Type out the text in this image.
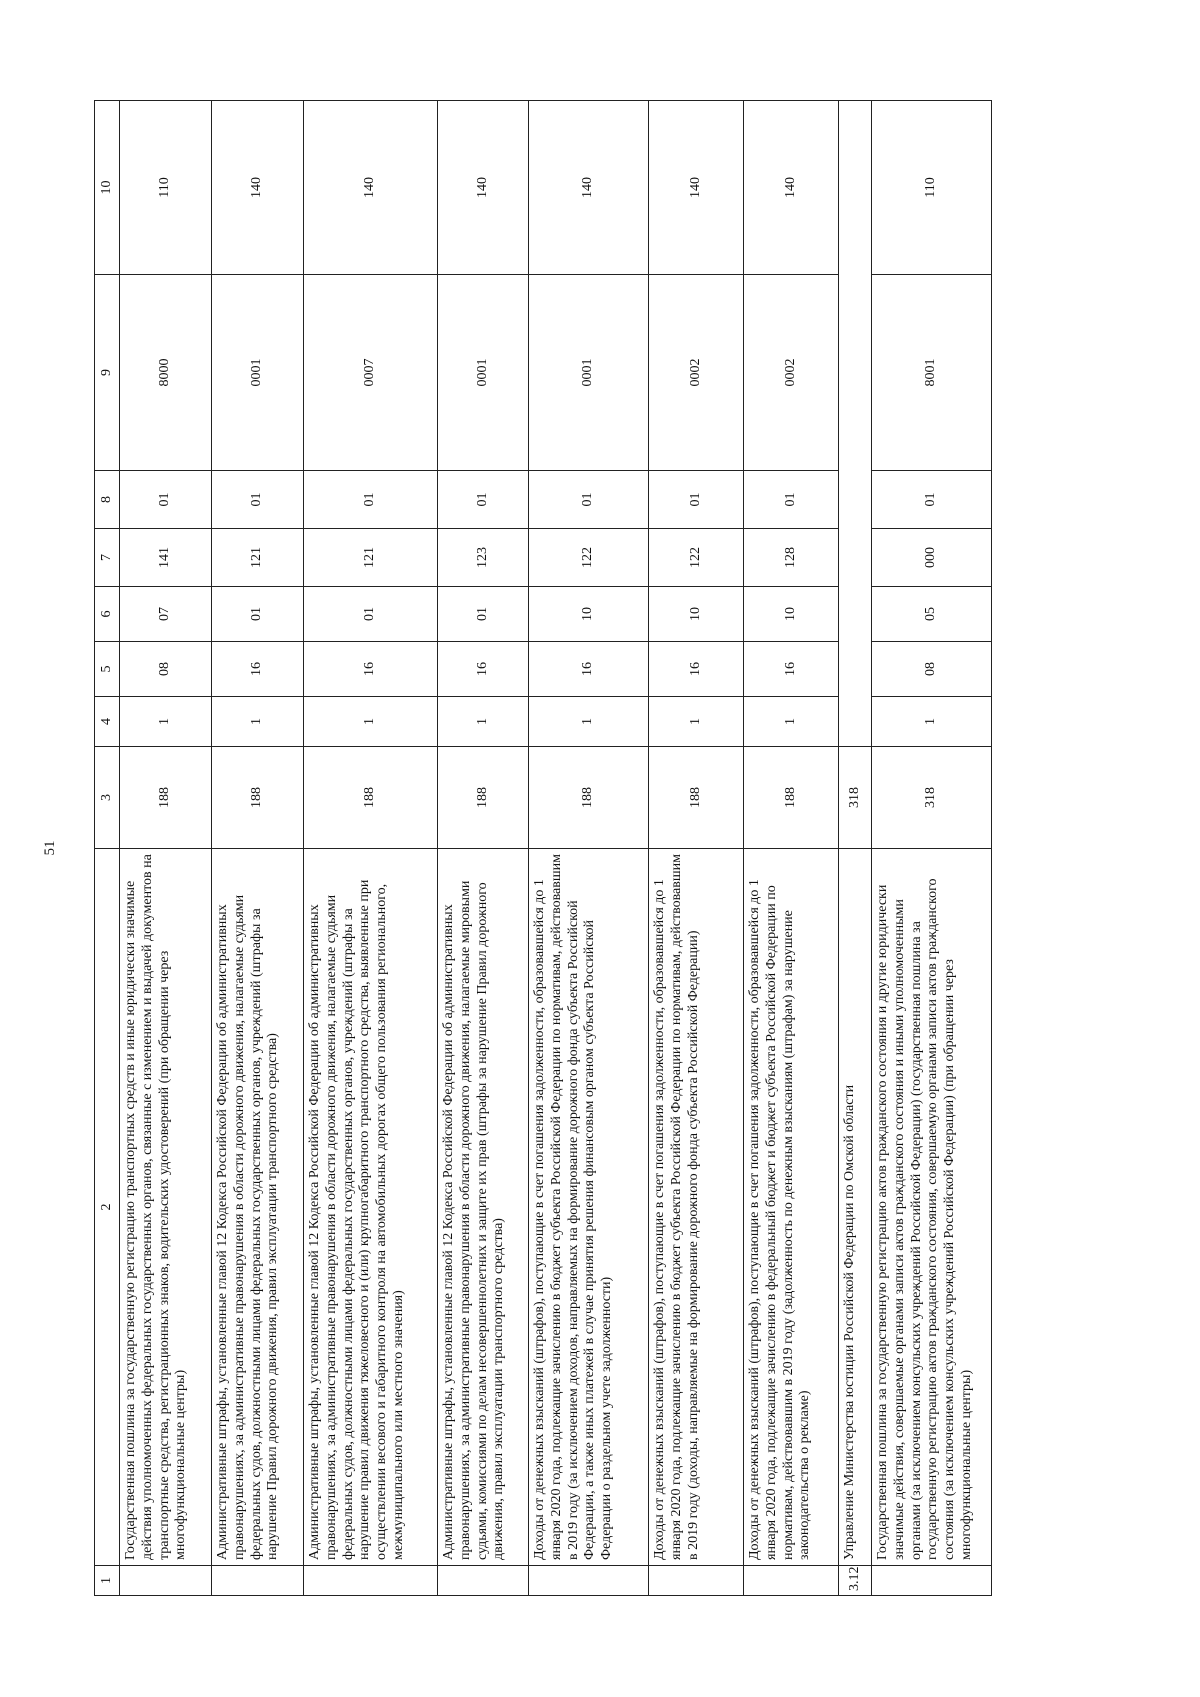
51
1	2	3	4	5	6	7	8	9	10
	Государственная пошлина за государственную регистрацию транспортных средств и иные юридически значимые действия уполномоченных федеральных государственных органов, связанные с изменением и выдачей документов на транспортные средства, регистрационных знаков, водительских удостоверений (при обращении через многофункциональные центры)	188	1	08	07	141	01	8000	110
	Административные штрафы, установленные главой 12 Кодекса Российской Федерации об административных правонарушениях, за административные правонарушения в области дорожного движения, налагаемые судьями федеральных судов, должностными лицами федеральных государственных органов, учреждений (штрафы за нарушение Правил дорожного движения, правил эксплуатации транспортного средства)	188	1	16	01	121	01	0001	140
	Административные штрафы, установленные главой 12 Кодекса Российской Федерации об административных правонарушениях, за административные правонарушения в области дорожного движения, налагаемые судьями федеральных судов, должностными лицами федеральных государственных органов, учреждений (штрафы за нарушение правил движения тяжеловесного и (или) крупногабаритного транспортного средства, выявленные при осуществлении весового и габаритного контроля на автомобильных дорогах общего пользования регионального, межмуниципального или местного значения)	188	1	16	01	121	01	0007	140
	Административные штрафы, установленные главой 12 Кодекса Российской Федерации об административных правонарушениях, за административные правонарушения в области дорожного движения, налагаемые мировыми судьями, комиссиями по делам несовершеннолетних и защите их прав (штрафы за нарушение Правил дорожного движения, правил эксплуатации транспортного средства)	188	1	16	01	123	01	0001	140
	Доходы от денежных взысканий (штрафов), поступающие в счет погашения задолженности, образовавшейся до 1 января 2020 года, подлежащие зачислению в бюджет субъекта Российской Федерации по нормативам, действовавшим в 2019 году (за исключением доходов, направляемых на формирование дорожного фонда субъекта Российской Федерации, а также иных платежей в случае принятия решения финансовым органом субъекта Российской Федерации о раздельном учете задолженности)	188	1	16	10	122	01	0001	140
	Доходы от денежных взысканий (штрафов), поступающие в счет погашения задолженности, образовавшейся до 1 января 2020 года, подлежащие зачислению в бюджет субъекта Российской Федерации по нормативам, действовавшим в 2019 году (доходы, направляемые на формирование дорожного фонда субъекта Российской Федерации)	188	1	16	10	122	01	0002	140
	Доходы от денежных взысканий (штрафов), поступающие в счет погашения задолженности, образовавшейся до 1 января 2020 года, подлежащие зачислению в федеральный бюджет и бюджет субъекта Российской Федерации по нормативам, действовавшим в 2019 году (задолженность по денежным взысканиям (штрафам) за нарушение законодательства о рекламе)	188	1	16	10	128	01	0002	140
3.12	Управление Министерства юстиции Российской Федерации по Омской области	318							
	Государственная пошлина за государственную регистрацию актов гражданского состояния и другие юридически значимые действия, совершаемые органами записи актов гражданского состояния и иными уполномоченными органами (за исключением консульских учреждений Российской Федерации) (государственная пошлина за государственную регистрацию актов гражданского состояния, совершаемую органами записи актов гражданского состояния (за исключением консульских учреждений Российской Федерации) (при обращении через многофункциональные центры)	318	1	08	05	000	01	8001	110
